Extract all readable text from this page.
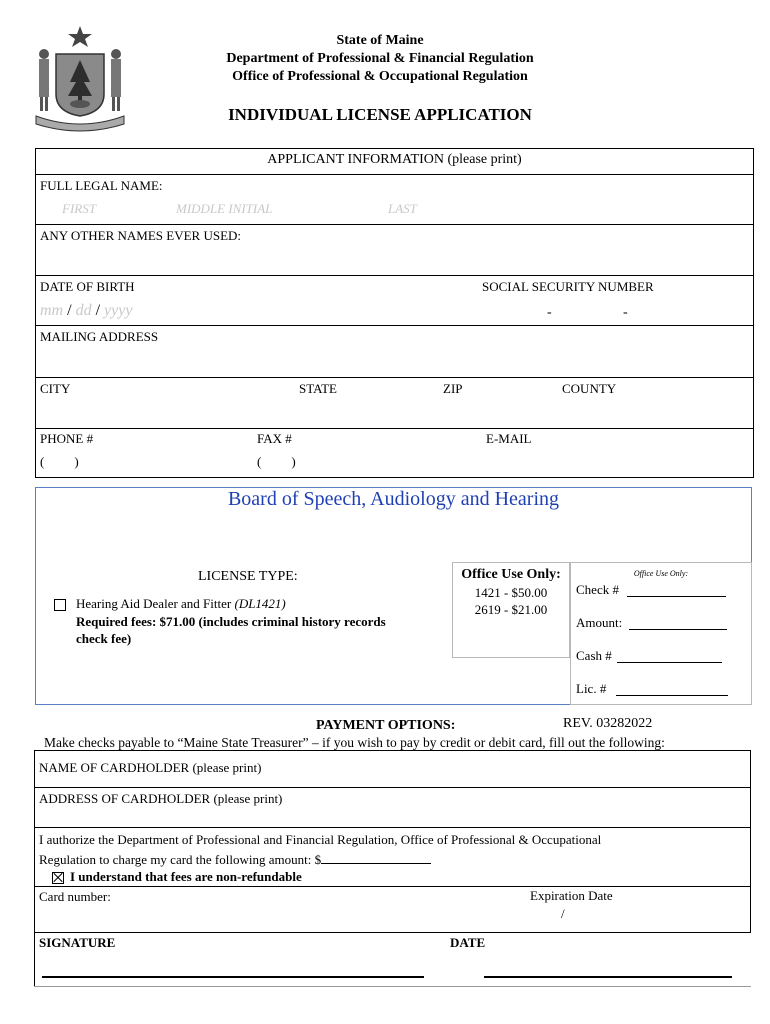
State of Maine
Department of Professional & Financial Regulation
Office of Professional & Occupational Regulation
INDIVIDUAL LICENSE APPLICATION
APPLICANT INFORMATION (please print)
FULL LEGAL NAME:
FIRST	MIDDLE INITIAL	LAST
ANY OTHER NAMES EVER USED:
DATE OF BIRTH	SOCIAL SECURITY NUMBER
mm / dd / yyyy	-	-
MAILING ADDRESS
CITY	STATE	ZIP	COUNTY
PHONE #	FAX #	E-MAIL
( )	( )
Board of Speech, Audiology and Hearing
LICENSE TYPE:
Hearing Aid Dealer and Fitter (DL1421)
Required fees: $71.00 (includes criminal history records
check fee)
Office Use Only:
1421 - $50.00
2619 - $21.00
Office Use Only:
Check #
Amount:
Cash #
Lic. #
PAYMENT OPTIONS:	REV. 03282022
Make checks payable to “Maine State Treasurer” – if you wish to pay by credit or debit card, fill out the following:
NAME OF CARDHOLDER (please print)
ADDRESS OF CARDHOLDER (please print)
I authorize the Department of Professional and Financial Regulation, Office of Professional & Occupational
Regulation to charge my card the following amount: $
I understand that fees are non-refundable
Card number:	Expiration Date
/
SIGNATURE	DATE
